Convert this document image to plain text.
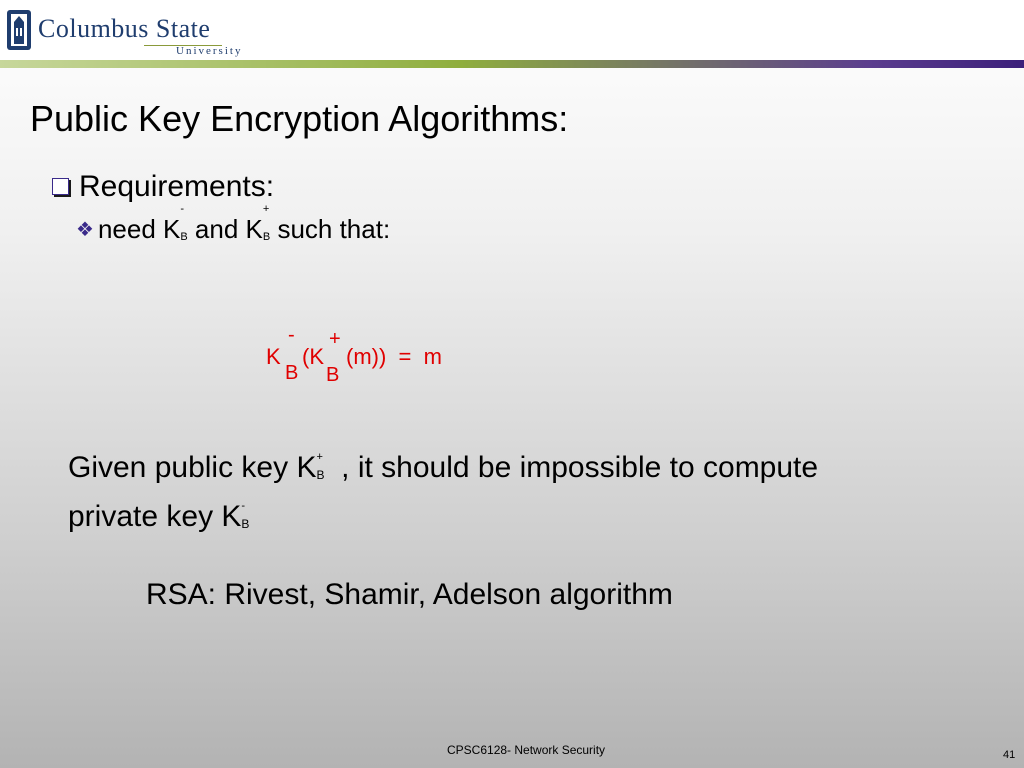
Columbus State
University
Public Key Encryption Algorithms:
Requirements:
❖ need K
-
B and K
+
B such that:
K
-
B
(K
+
B
(m))  =  m
Given public key K +
B  , it should be impossible to compute private key K -
B
RSA: Rivest, Shamir, Adelson algorithm
CPSC6128- Network Security	41
